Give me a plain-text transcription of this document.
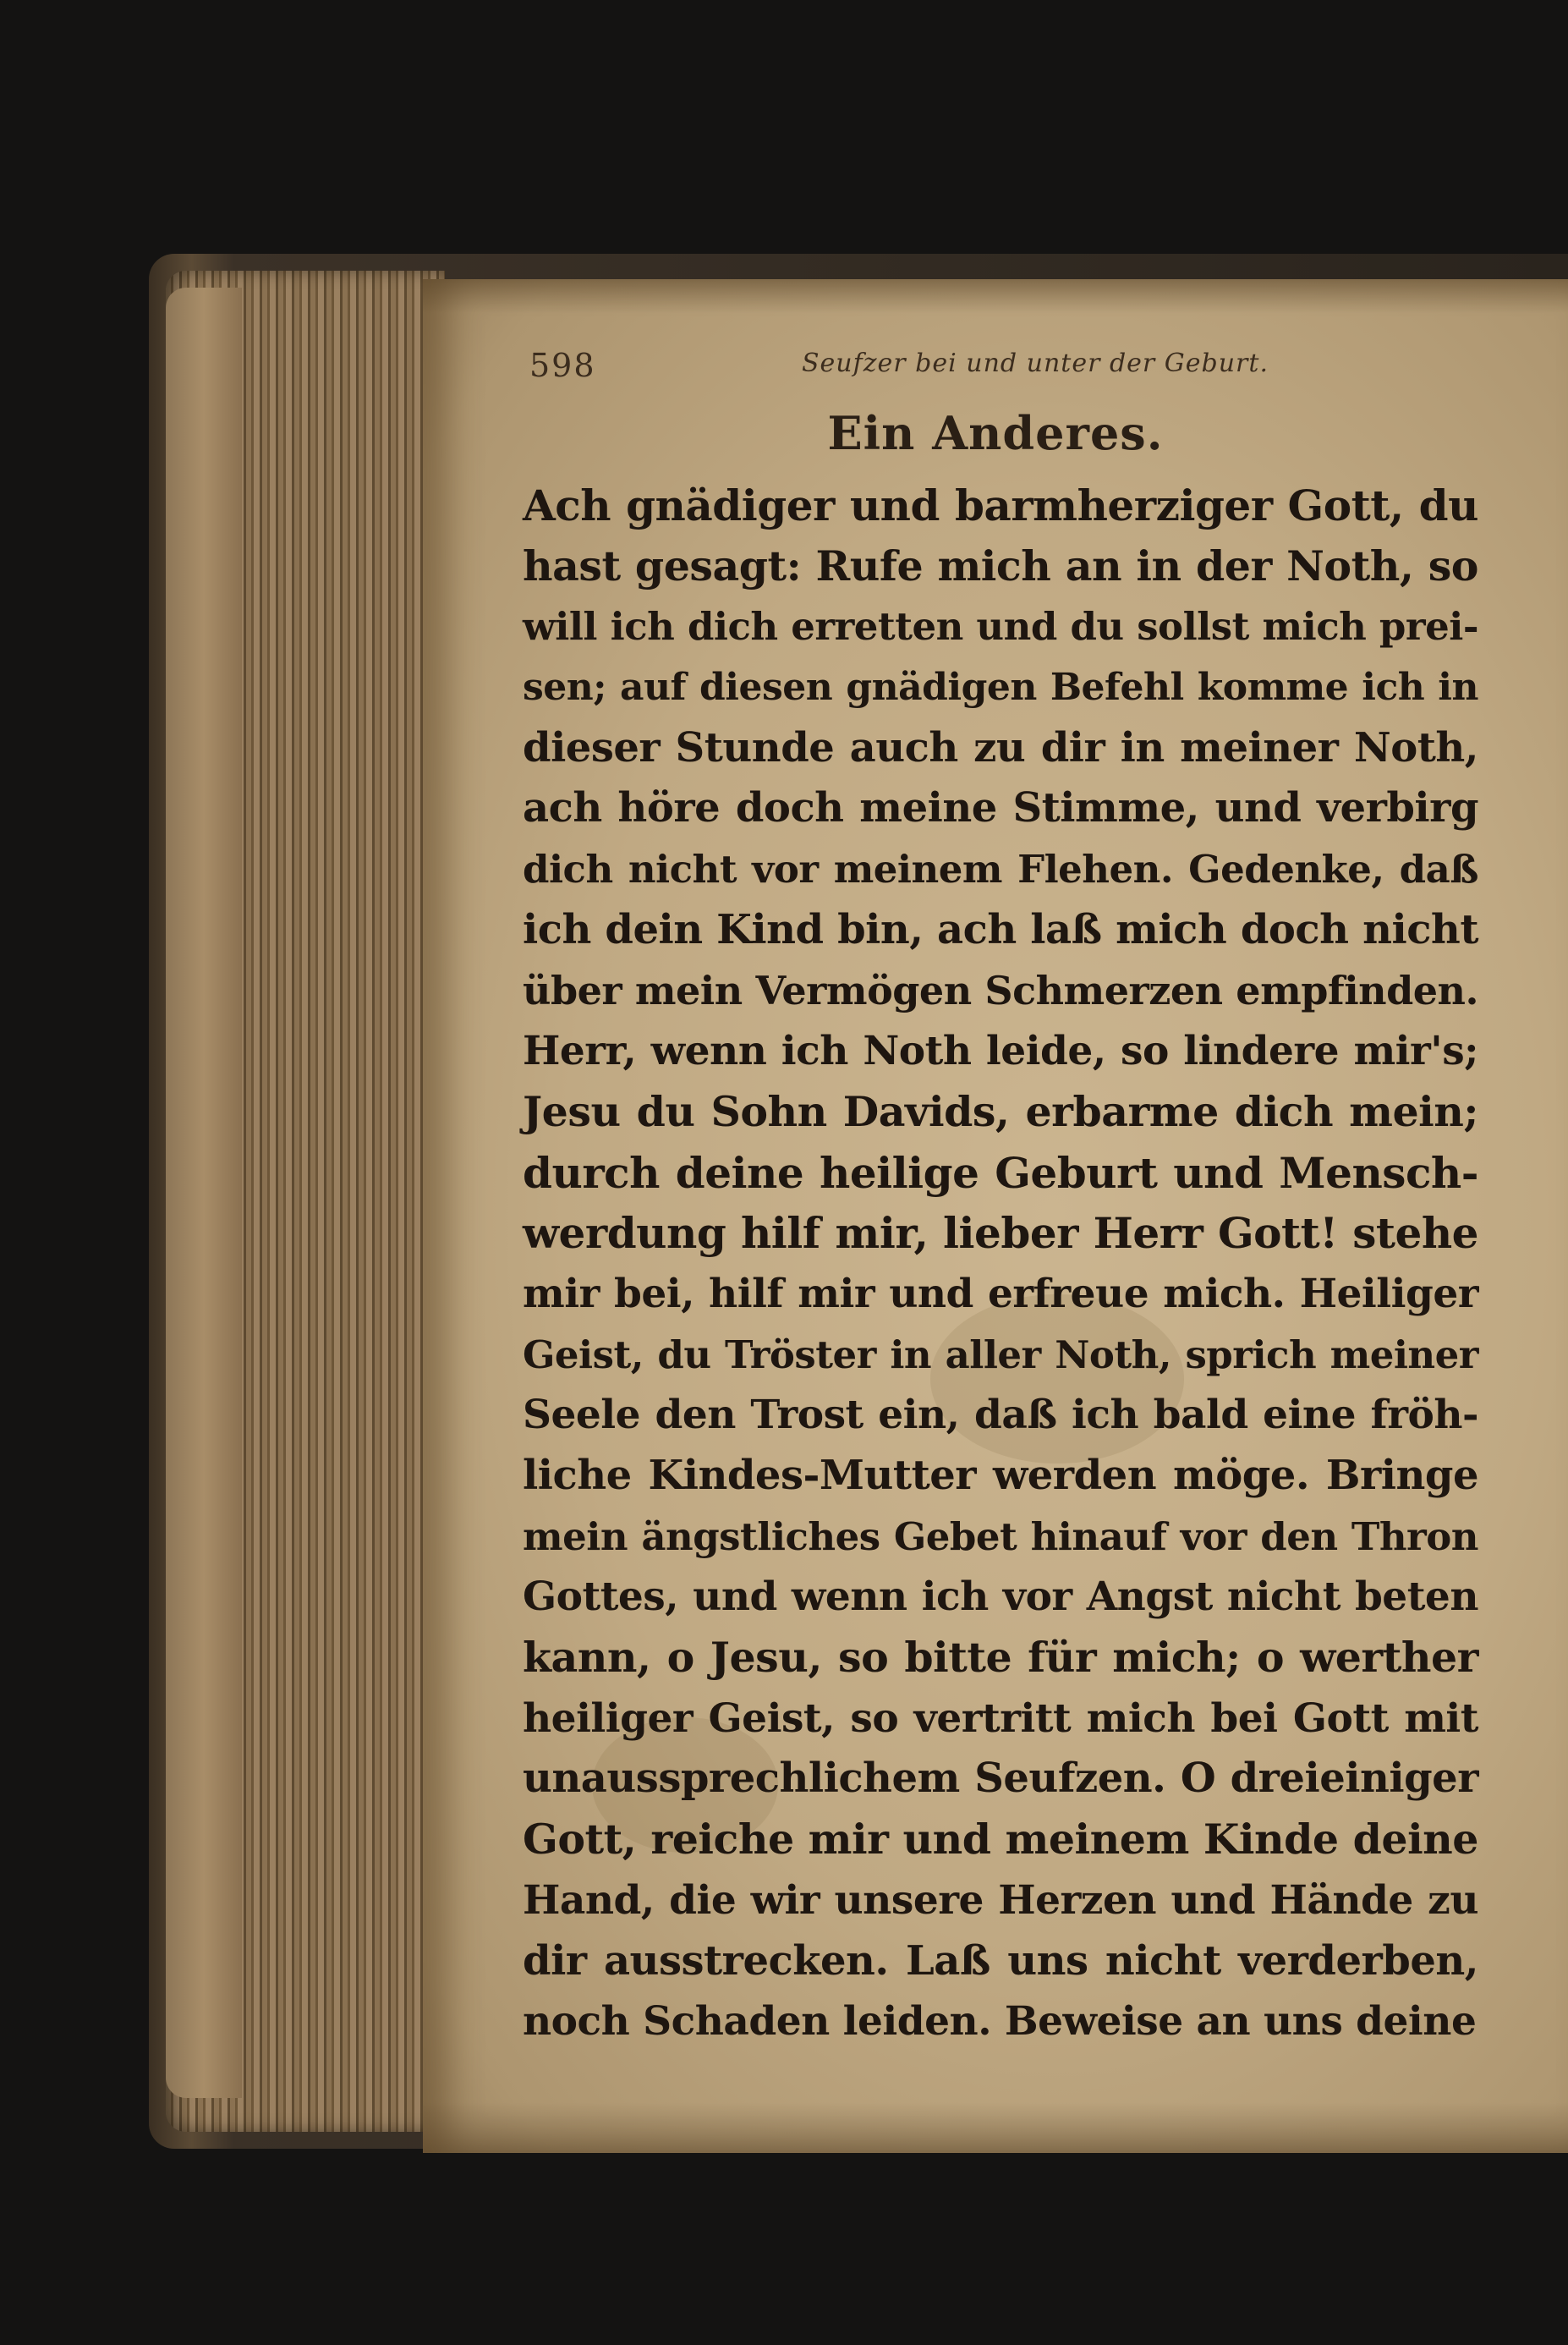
598	Seufzer bei und unter der Geburt.
Ein Anderes.
Ach gnädiger und barmherziger Gott, du
hast gesagt: Rufe mich an in der Noth, so
will ich dich erretten und du sollst mich prei-
sen; auf diesen gnädigen Befehl komme ich in
dieser Stunde auch zu dir in meiner Noth,
ach höre doch meine Stimme, und verbirg
dich nicht vor meinem Flehen. Gedenke, daß
ich dein Kind bin, ach laß mich doch nicht
über mein Vermögen Schmerzen empfinden.
Herr, wenn ich Noth leide, so lindere mir's;
Jesu du Sohn Davids, erbarme dich mein;
durch deine heilige Geburt und Mensch-
werdung hilf mir, lieber Herr Gott! stehe
mir bei, hilf mir und erfreue mich. Heiliger
Geist, du Tröster in aller Noth, sprich meiner
Seele den Trost ein, daß ich bald eine fröh-
liche Kindes-Mutter werden möge. Bringe
mein ängstliches Gebet hinauf vor den Thron
Gottes, und wenn ich vor Angst nicht beten
kann, o Jesu, so bitte für mich; o werther
heiliger Geist, so vertritt mich bei Gott mit
unaussprechlichem Seufzen. O dreieiniger
Gott, reiche mir und meinem Kinde deine
Hand, die wir unsere Herzen und Hände zu
dir ausstrecken. Laß uns nicht verderben,
noch Schaden leiden. Beweise an uns deine
